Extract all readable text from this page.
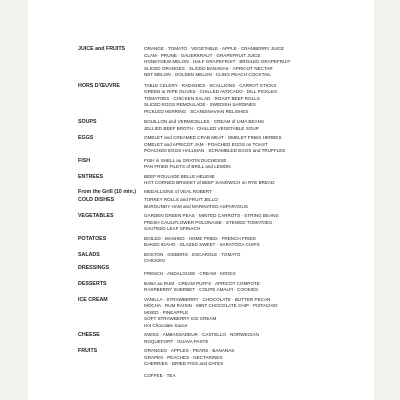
JUICE and FRUITS	ORANGE · TOMATO · VEGETABLE · APPLE · CRANBERRY JUICE
CLAM · PRUNE · SAUERKRAUT · GRAPEFRUIT JUICE
HONEYDEW MELON · HALF GRAPEFRUIT · BROILED GRAPEFRUIT
SLICED ORANGES · SLICED BANANAS · APRICOT NECTAR
NET MELON · GOLDEN MELON · CLING PEACH COCKTAIL
HORS D'ŒUVRE	TABLE CELERY · RADISHES · SCALLIONS · CARROT STICKS
GREEN or RIPE OLIVES · CHILLED AVOCADO · DILL PICKLES
TOMATOES · CHICKEN SALAD · ROAST BEEF ROLLS
SLICED EGGS REMOULADE · SWEDISH SARDINES
PICKLED HERRING · SCANDINAVIAN RELISHES
SOUPS	BOUILLON and VERMICELLES · CREAM of LIMA BEANS
JELLIED BEEF BROTH · CHILLED VEGETABLE SOUP
EGGS	OMELET and CREAMED CRAB MEAT · OMELET FINES HERBES
OMELET and APRICOT JAM · POACHED EGGS on TOAST
POACHED EGGS HALLMAN · SCRAMBLED EGGS and TRUFFLES
FISH	FISH in SHELL au GRATIN DUCHESSE
PAN FRIED FILETS of BRILL and LEMON
ENTREES	BEEF ROULADE BELLE HELENE
HOT CORNED BRISKET of BEEF SANDWICH on RYE BREAD
From the Grill (10 min.)	MEDALLIONS of VEAL ROBERT
COLD DISHES	TURKEY ROLLS and FRUIT JELLO
BURGUNDY HAM and MARINATED ASPARAGUS
VEGETABLES	GARDEN GREEN PEAS · MINTED CARROTS · STRING BEANS
FRESH CAULIFLOWER POLONAISE · STEWED TOMATOES
SAUTEED LEAF SPINACH
POTATOES	BOILED · MASHED · HOME FRIED · FRENCH FRIED
BAKED IDAHO · GLAZED SWEET · SARATOGA CHIPS
SALADS	BOSTON · ICEBERG · ESCAROLE · TOMATO
CHICKEN
DRESSINGS

FRENCH · ANDALOUSE · CREAM · KIRGIS
DESSERTS	BABA au RUM · CREAM PUFFS · APRICOT COMPOTE
RASPBERRY SHERBET · COUPE AMALFI · COOKIES
ICE CREAM	VANILLA · STRAWBERRY · CHOCOLATE · BUTTER PECAN
MOCHA · RUM RAISIN · MINT CHOCOLATE CHIP · PISTACHIO
MIXED · PINEAPPLE
SOFT STRAWBERRY ICE CREAM
Hot Chocolate Sauce
CHEESE	SWISS · AMBASSADEUR · CASTELLO · NORWEGIAN
ROQUEFORT · GUAVA PASTE
FRUITS	ORANGES · APPLES · PEARS · BANANAS
GRAPES · PEACHES · NECTARINES
CHERRIES · DRIED FIGS and DATES
COFFEE · TEA
